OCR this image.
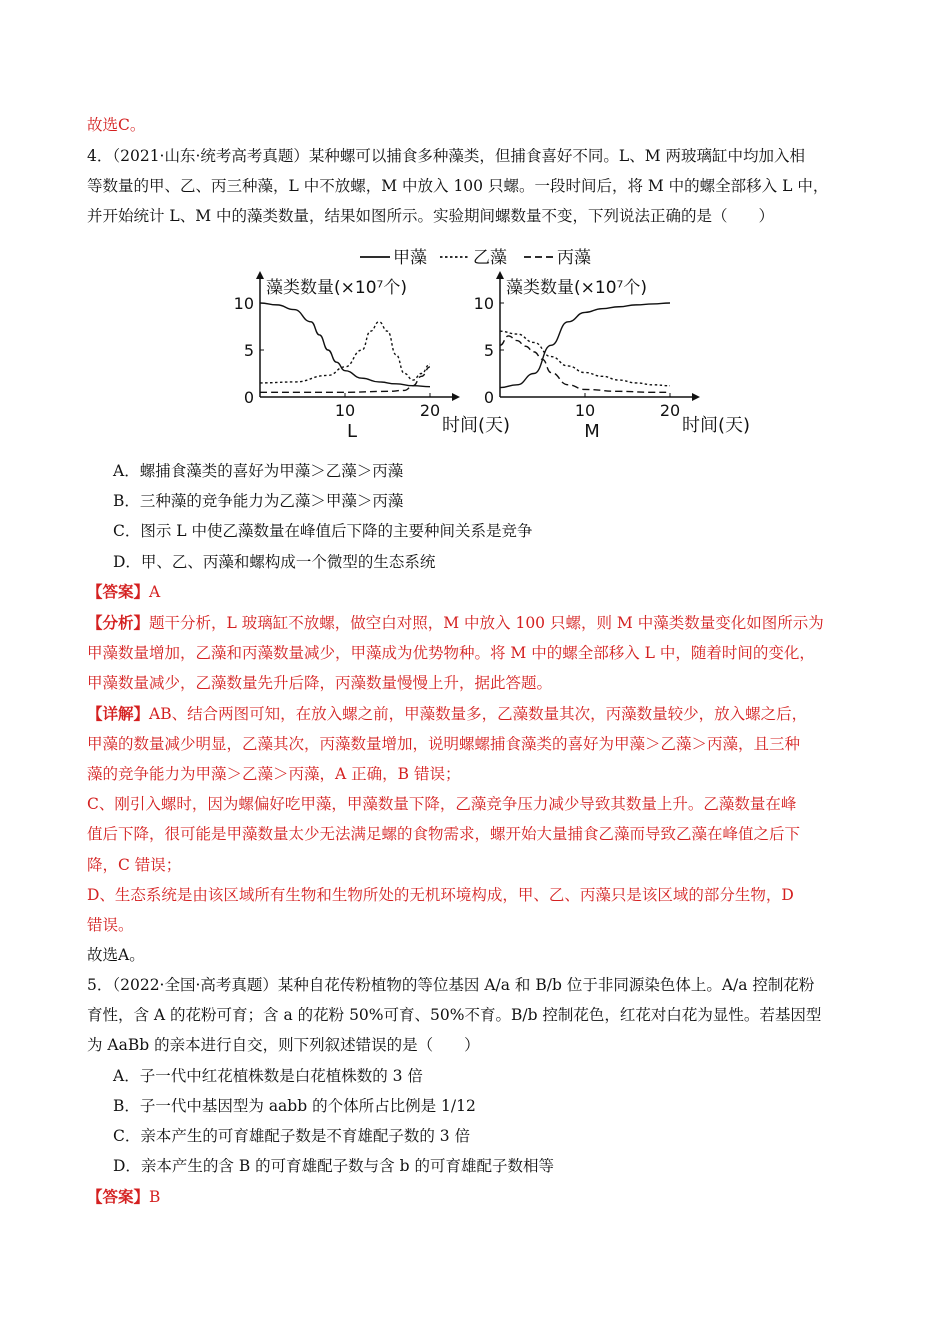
故选C。
4．（2021·山东·统考高考真题）某种螺可以捕食多种藻类，但捕食喜好不同。L、M 两玻璃缸中均加入相
等数量的甲、乙、丙三种藻，L 中不放螺，M 中放入 100 只螺。一段时间后，将 M 中的螺全部移入 L 中，
并开始统计 L、M 中的藻类数量，结果如图所示。实验期间螺数量不变，下列说法正确的是（　　）
甲藻	乙藻	丙藻
0
5
10
10	20
藻类数量(×10⁷个)
时间(天)
L
0
5
10
10	20
藻类数量(×10⁷个)
时间(天)
M
A．螺捕食藻类的喜好为甲藻＞乙藻＞丙藻
B．三种藻的竞争能力为乙藻＞甲藻＞丙藻
C．图示 L 中使乙藻数量在峰值后下降的主要种间关系是竞争
D．甲、乙、丙藻和螺构成一个微型的生态系统
【答案】A
【分析】题干分析，L 玻璃缸不放螺，做空白对照，M 中放入 100 只螺，则 M 中藻类数量变化如图所示为
甲藻数量增加，乙藻和丙藻数量减少，甲藻成为优势物种。将 M 中的螺全部移入 L 中，随着时间的变化，
甲藻数量减少，乙藻数量先升后降，丙藻数量慢慢上升，据此答题。
【详解】AB、结合两图可知，在放入螺之前，甲藻数量多，乙藻数量其次，丙藻数量较少，放入螺之后，
甲藻的数量减少明显，乙藻其次，丙藻数量增加，说明螺螺捕食藻类的喜好为甲藻＞乙藻＞丙藻，且三种
藻的竞争能力为甲藻＞乙藻＞丙藻，A 正确，B 错误；
C、刚引入螺时，因为螺偏好吃甲藻，甲藻数量下降，乙藻竞争压力减少导致其数量上升。乙藻数量在峰
值后下降，很可能是甲藻数量太少无法满足螺的食物需求，螺开始大量捕食乙藻而导致乙藻在峰值之后下
降，C 错误；
D、生态系统是由该区域所有生物和生物所处的无机环境构成，甲、乙、丙藻只是该区域的部分生物，D
错误。
故选A。
5．（2022·全国·高考真题）某种自花传粉植物的等位基因 A/a 和 B/b 位于非同源染色体上。A/a 控制花粉
育性，含 A 的花粉可育；含 a 的花粉 50%可育、50%不育。B/b 控制花色，红花对白花为显性。若基因型
为 AaBb 的亲本进行自交，则下列叙述错误的是（　　）
A．子一代中红花植株数是白花植株数的 3 倍
B．子一代中基因型为 aabb 的个体所占比例是 1/12
C．亲本产生的可育雄配子数是不育雄配子数的 3 倍
D．亲本产生的含 B 的可育雄配子数与含 b 的可育雄配子数相等
【答案】B
